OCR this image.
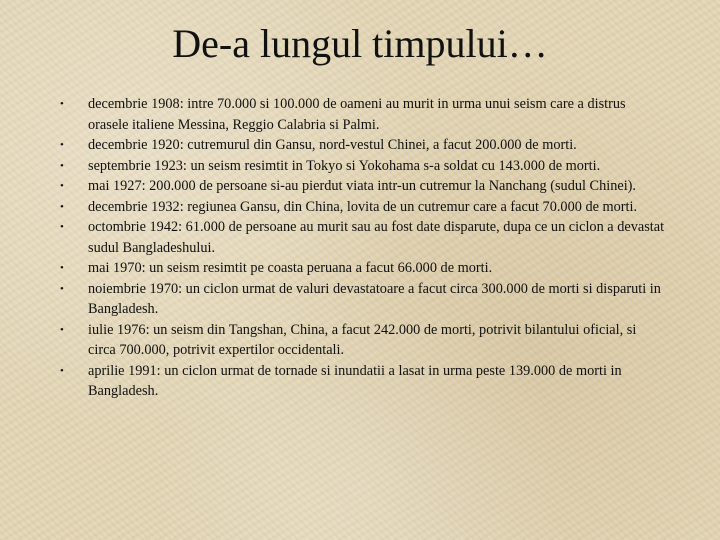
De-a lungul timpului…
•	decembrie 1908: intre 70.000 si 100.000 de oameni au murit in urma unui seism care a distrus orasele italiene Messina, Reggio Calabria si Palmi.
•	decembrie 1920: cutremurul din Gansu, nord-vestul Chinei, a facut 200.000 de morti.
•	septembrie 1923: un seism resimtit in Tokyo si Yokohama s-a soldat cu 143.000 de morti.
•	mai 1927: 200.000 de persoane si-au pierdut viata intr-un cutremur la Nanchang (sudul Chinei).
•	decembrie 1932: regiunea Gansu, din China, lovita de un cutremur care a facut 70.000 de morti.
•	octombrie 1942: 61.000 de persoane au murit sau au fost date disparute, dupa ce un ciclon a devastat sudul Bangladeshului.
•	mai 1970: un seism resimtit pe coasta peruana a facut 66.000 de morti.
•	noiembrie 1970: un ciclon urmat de valuri devastatoare a facut circa 300.000 de morti si disparuti in Bangladesh.
•	iulie 1976: un seism din Tangshan, China, a facut 242.000 de morti, potrivit bilantului oficial, si circa 700.000, potrivit expertilor occidentali.
•	aprilie 1991: un ciclon urmat de tornade si inundatii a lasat in urma peste 139.000 de morti in Bangladesh.
